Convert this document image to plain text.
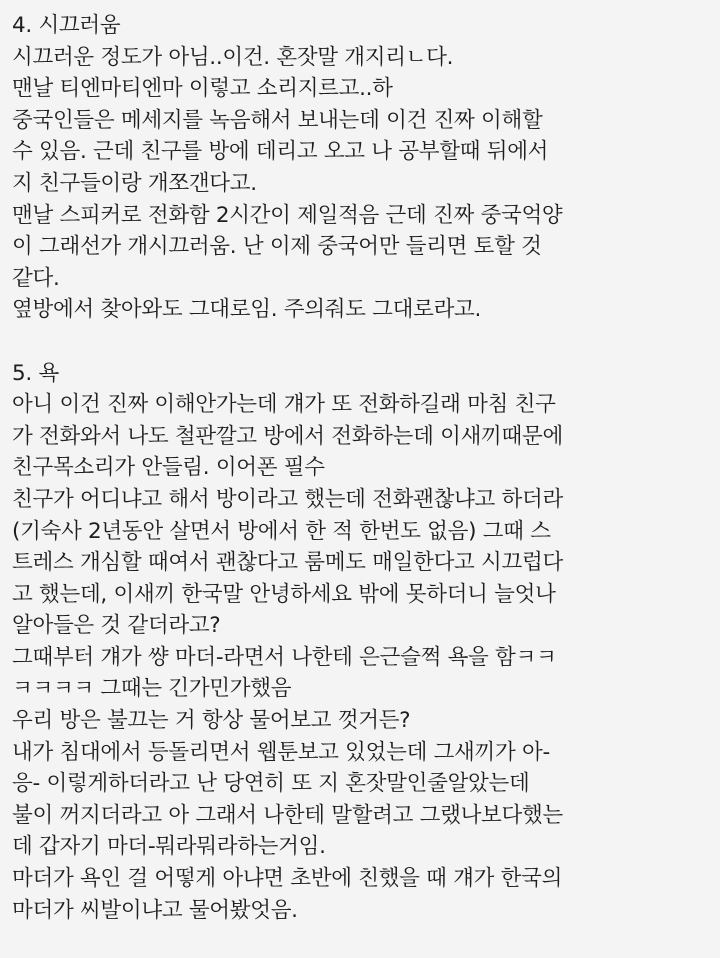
4. 시끄러움
시끄러운 정도가 아님..이건. 혼잣말 개지리ㄴ다.
맨날 티엔마티엔마 이렇고 소리지르고..하
중국인들은 메세지를 녹음해서 보내는데 이건 진짜 이해할
수 있음. 근데 친구를 방에 데리고 오고 나 공부할때 뒤에서
지 친구들이랑 개쪼갠다고.
맨날 스피커로 전화함 2시간이 제일적음 근데 진짜 중국억양
이 그래선가 개시끄러움. 난 이제 중국어만 들리면 토할 것
같다.
옆방에서 찾아와도 그대로임. 주의줘도 그대로라고.
5. 욕
아니 이건 진짜 이해안가는데 걔가 또 전화하길래 마침 친구
가 전화와서 나도 철판깔고 방에서 전화하는데 이새끼때문에
친구목소리가 안들림. 이어폰 필수
친구가 어디냐고 해서 방이라고 했는데 전화괜찮냐고 하더라
(기숙사 2년동안 살면서 방에서 한 적 한번도 없음) 그때 스
트레스 개심할 때여서 괜찮다고 룸메도 매일한다고 시끄럽다
고 했는데, 이새끼 한국말 안녕하세요 밖에 못하더니 늘엇나
알아들은 것 같더라고?
그때부터 걔가 썅 마더-라면서 나한테 은근슬쩍 욕을 함ㅋㅋ
ㅋㅋㅋㅋ 그때는 긴가민가했음
우리 방은 불끄는 거 항상 물어보고 껏거든?
내가 침대에서 등돌리면서 웹툰보고 있었는데 그새끼가 아-
응- 이렇게하더라고 난 당연히 또 지 혼잣말인줄알았는데
불이 꺼지더라고 아 그래서 나한테 말할려고 그랬나보다했는
데 갑자기 마더-뭐라뭐라하는거임.
마더가 욕인 걸 어떻게 아냐면 초반에 친했을 때 걔가 한국의
마더가 씨발이냐고 물어봤엇음.
